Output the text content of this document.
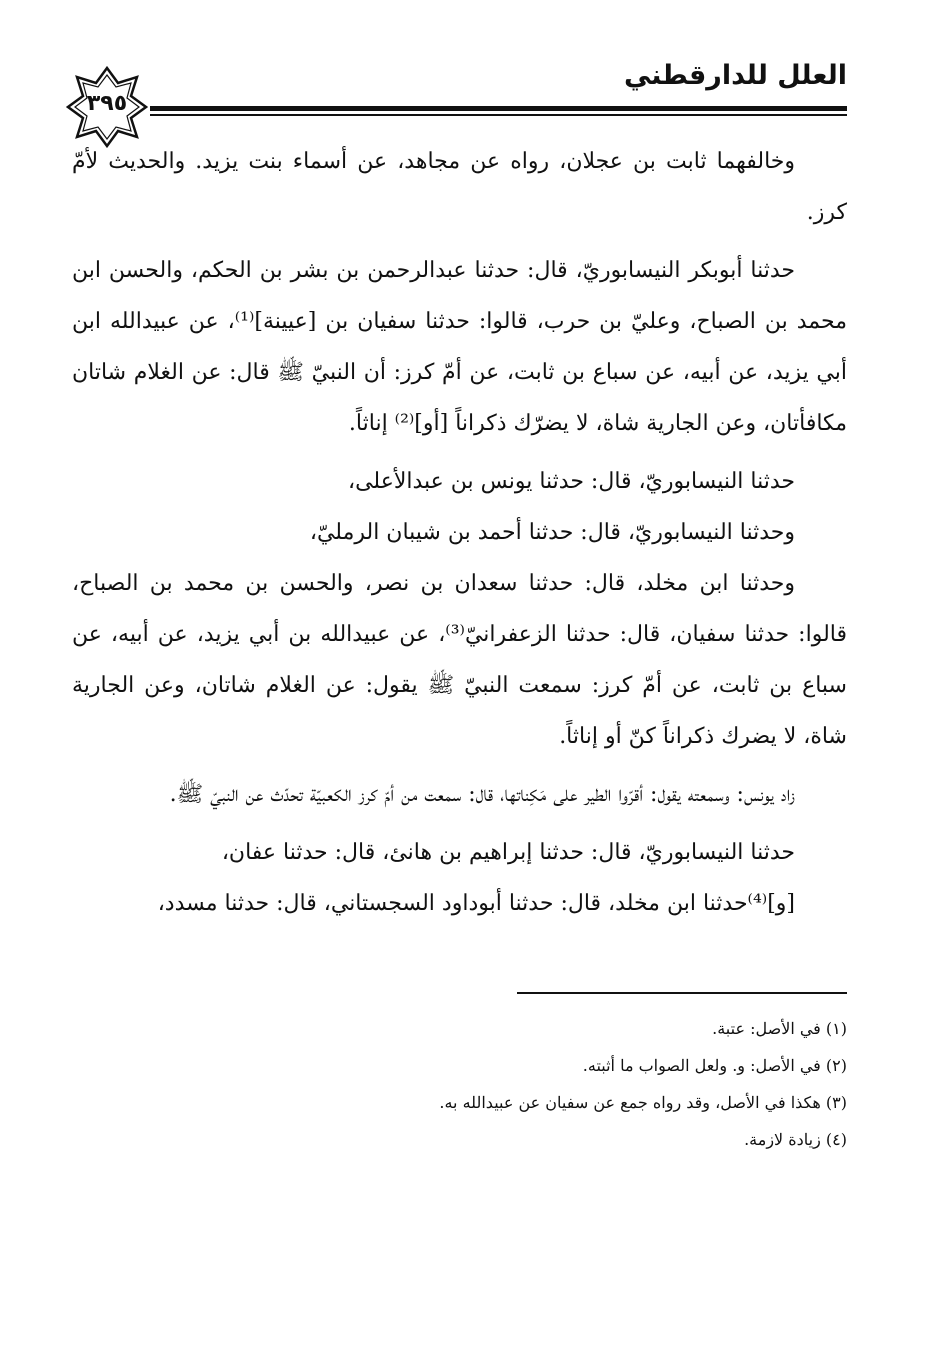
العلل للدارقطني
٣٩٥

وخالفهما ثابت بن عجلان، رواه عن مجاهد، عن أسماء بنت يزيد. والحديث لأمّ كرز.

حدثنا أبوبكر النيسابوريّ، قال: حدثنا عبدالرحمن بن بشر بن الحكم، والحسن ابن محمد بن الصباح، وعليّ بن حرب، قالوا: حدثنا سفيان بن [عيينة]⁽¹⁾، عن عبيدالله ابن أبي يزيد، عن أبيه، عن سباع بن ثابت، عن أمّ كرز: أن النبيّ ﷺ قال: عن الغلام شاتان مكافأتان، وعن الجارية شاة، لا يضرّك ذكراناً [أو]⁽²⁾ إناثاً.

حدثنا النيسابوريّ، قال: حدثنا يونس بن عبدالأعلى،

وحدثنا النيسابوريّ، قال: حدثنا أحمد بن شيبان الرمليّ،

وحدثنا ابن مخلد، قال: حدثنا سعدان بن نصر، والحسن بن محمد بن الصباح، قالوا: حدثنا سفيان، قال: حدثنا الزعفرانيّ⁽³⁾، عن عبيدالله بن أبي يزيد، عن أبيه، عن سباع بن ثابت، عن أمّ كرز: سمعت النبيّ ﷺ يقول: عن الغلام شاتان، وعن الجارية شاة، لا يضرك ذكراناً كنّ أو إناثاً.

زاد يونس: وسمعته يقول: أقرّوا الطير على مَكِناتها، قال: سمعت من أمّ كرز الكعبيّة تحدّث عن النبيّ ﷺ.

حدثنا النيسابوريّ، قال: حدثنا إبراهيم بن هانئ، قال: حدثنا عفان،

[و]⁽⁴⁾حدثنا ابن مخلد، قال: حدثنا أبوداود السجستاني، قال: حدثنا مسدد،

(١) في الأصل: عتبة.
(٢) في الأصل: و. ولعل الصواب ما أثبته.
(٣) هكذا في الأصل، وقد رواه جمع عن سفيان عن عبيدالله به.
(٤) زيادة لازمة.
